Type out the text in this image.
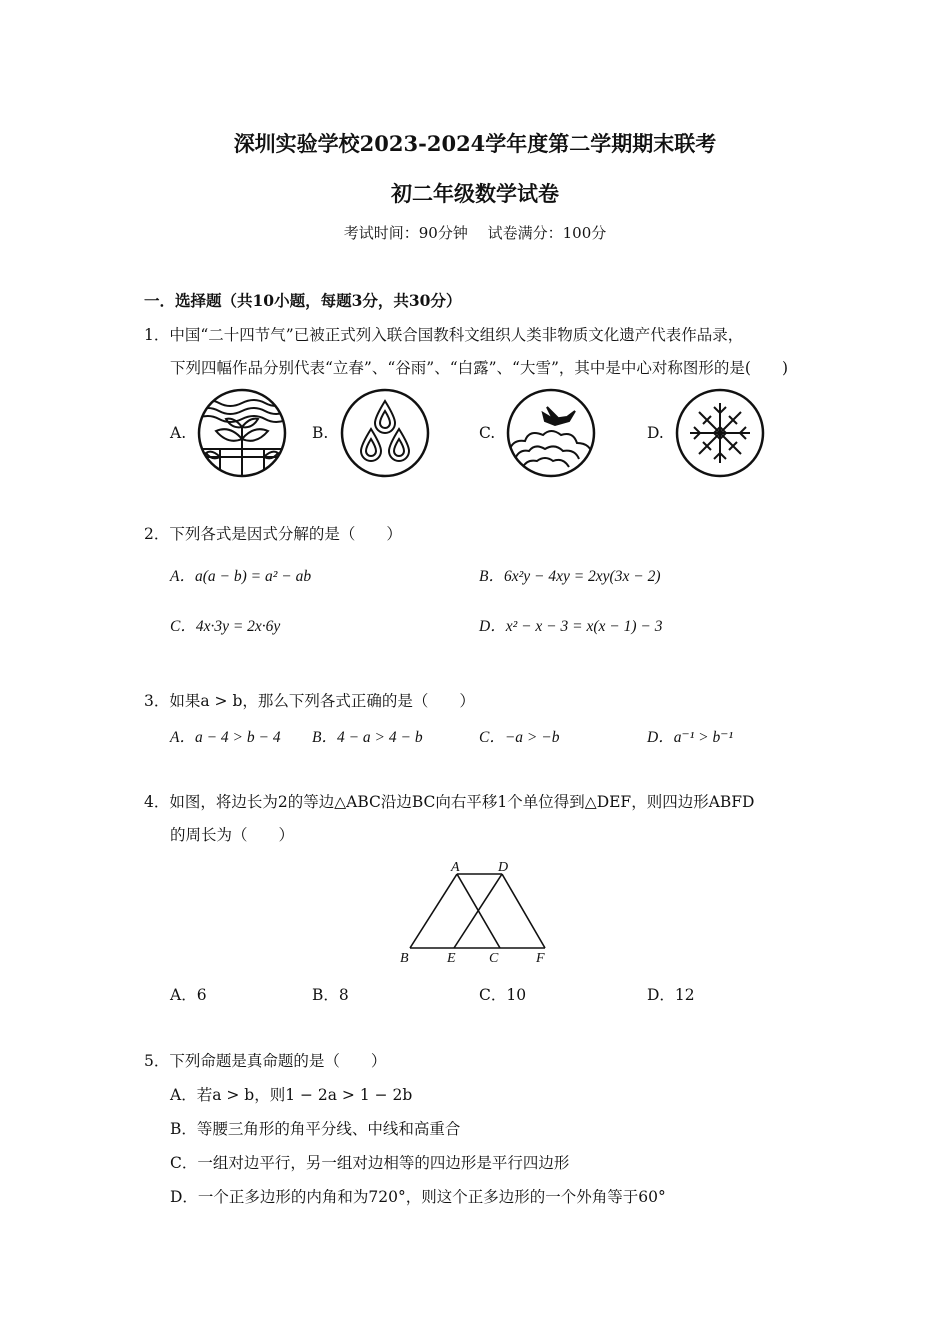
深圳实验学校2023-2024学年度第二学期期末联考
初二年级数学试卷
考试时间：90分钟　 试卷满分：100分
一．选择题（共10小题，每题3分，共30分）
1．中国“二十四节气”已被正式列入联合国教科文组织人类非物质文化遗产代表作品录，
下列四幅作品分别代表“立春”、“谷雨”、“白露”、“大雪”，其中是中心对称图形的是(　　)
A.	B.	C.	D.
2．下列各式是因式分解的是（　　）
A．a(a − b) = a² − ab	B．6x²y − 4xy = 2xy(3x − 2)
C．4x·3y = 2x·6y	D．x² − x − 3 = x(x − 1) − 3
3．如果a > b，那么下列各式正确的是（　　）
A．a − 4 > b − 4 B．4 − a > 4 − b	C．−a > −b	D．a⁻¹ > b⁻¹
4．如图，将边长为2的等边△ABC沿边BC向右平移1个单位得到△DEF，则四边形ABFD
的周长为（　　）
A	D
B	E C	F
A．6	B．8	C．10	D．12
5．下列命题是真命题的是（　　）
A．若a > b，则1 − 2a > 1 − 2b
B．等腰三角形的角平分线、中线和高重合
C．一组对边平行，另一组对边相等的四边形是平行四边形
D．一个正多边形的内角和为720°，则这个正多边形的一个外角等于60°
